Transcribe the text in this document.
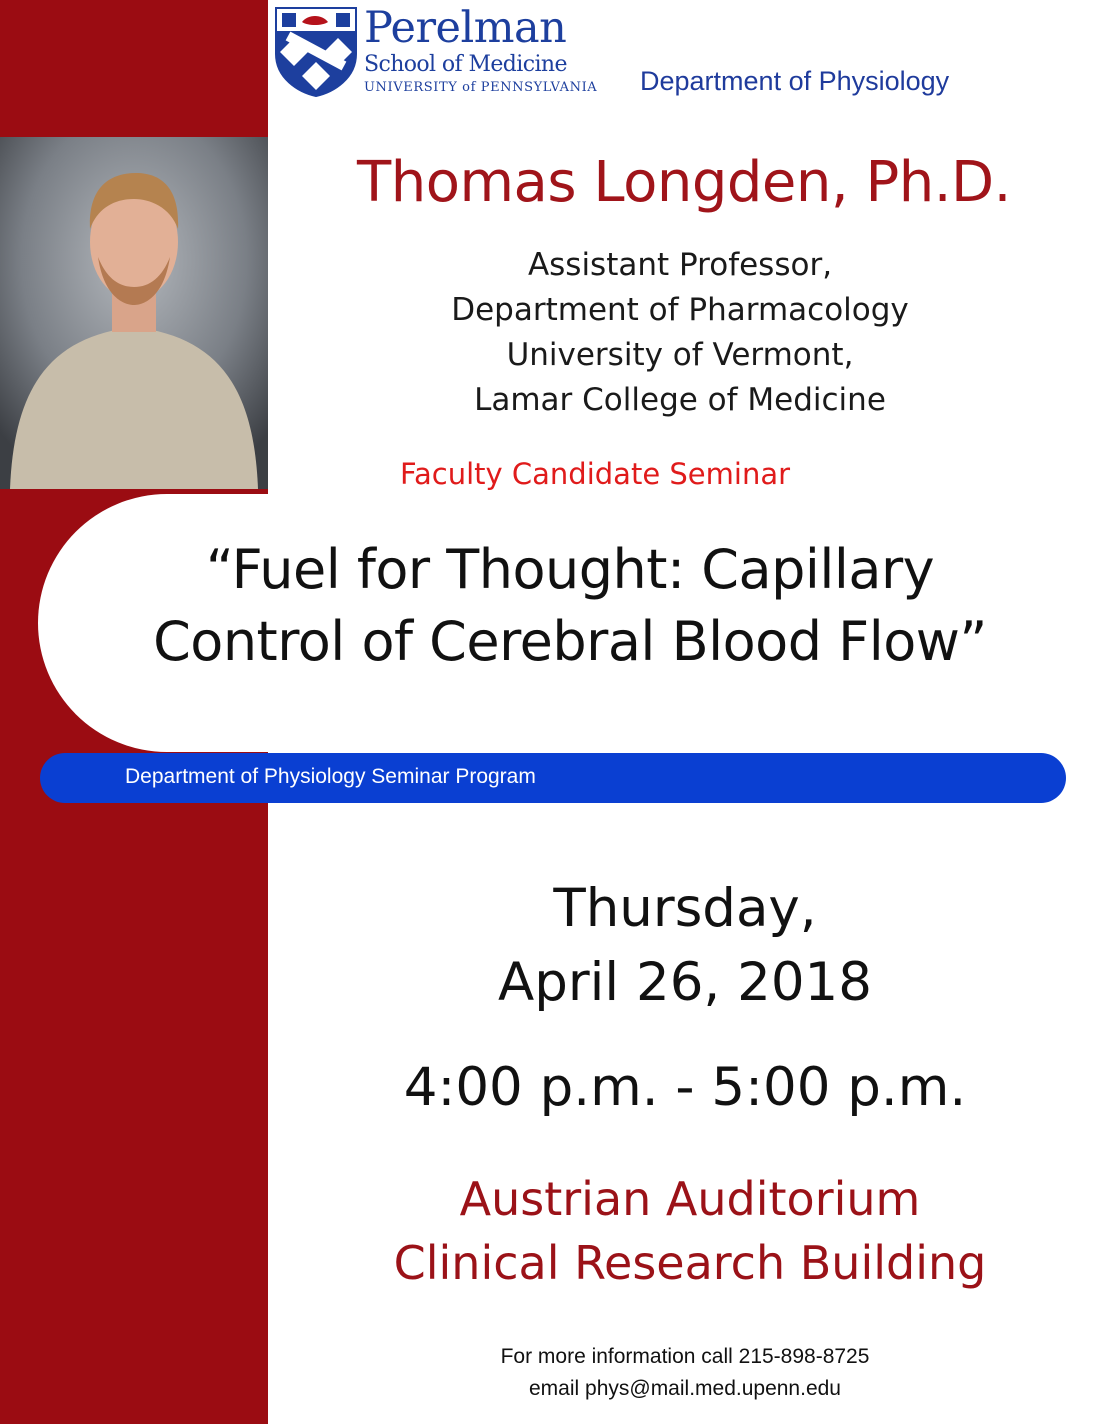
Perelman
School of Medicine
UNIVERSITY of PENNSYLVANIA Department of Physiology
Thomas Longden, Ph.D.
Assistant Professor,
Department of Pharmacology
University of Vermont,
Lamar College of Medicine
Faculty Candidate Seminar
“Fuel for Thought: Capillary
Control of Cerebral Blood Flow”
Department of Physiology Seminar Program
Thursday,
April 26, 2018
4:00 p.m. - 5:00 p.m.
Austrian Auditorium
Clinical Research Building
For more information call 215-898-8725
email phys@mail.med.upenn.edu
